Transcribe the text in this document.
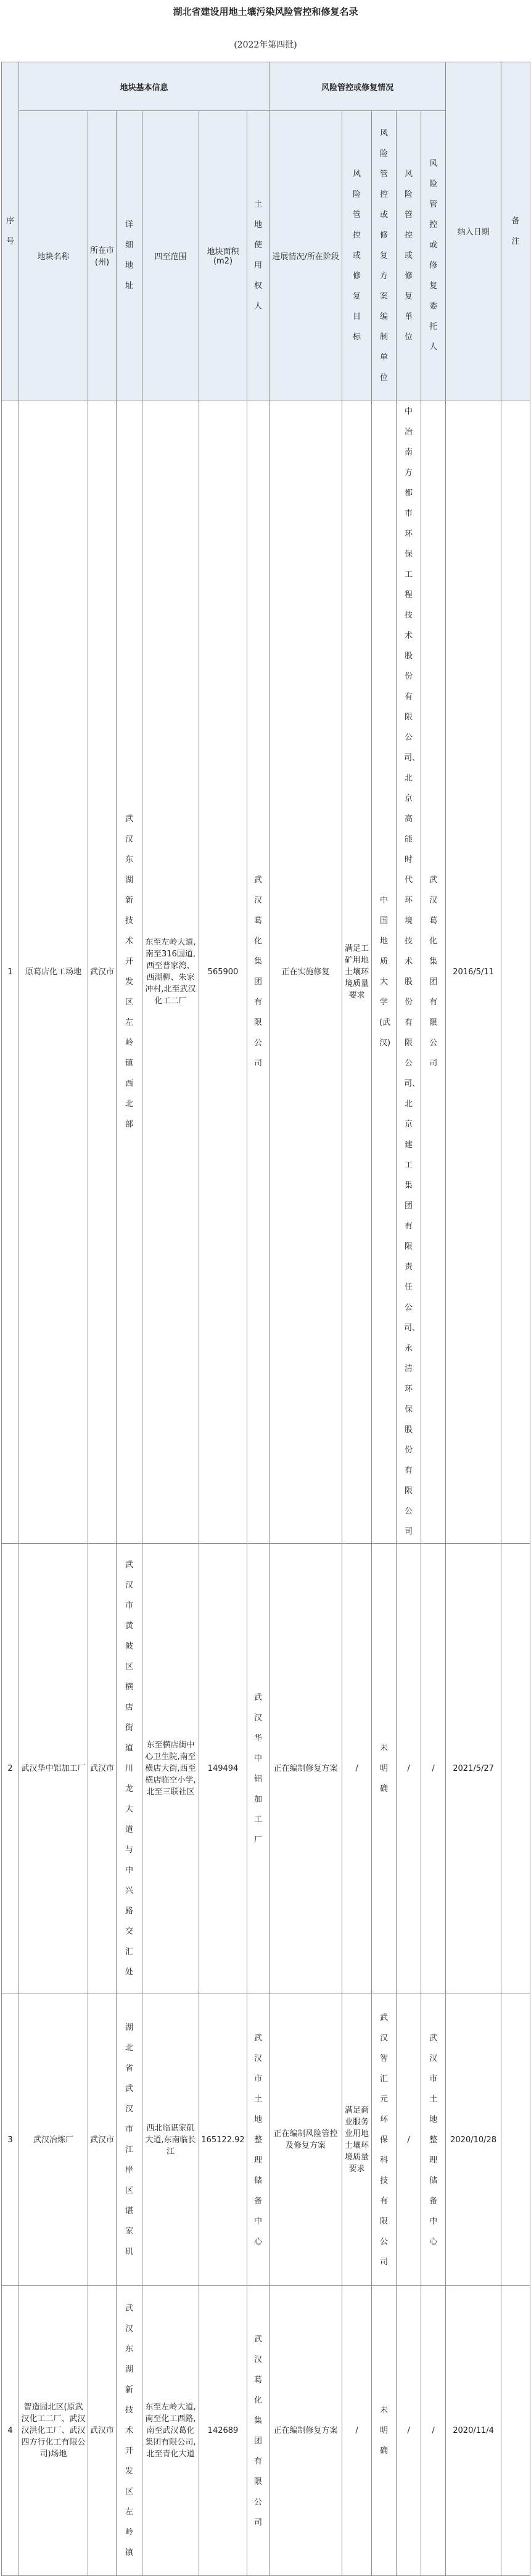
湖北省建设用地土壤污染风险管控和修复名录
(2022年第四批)
序号	地块基本信息						风险管控或修复情况					纳入日期	备注
	地块名称	所在市(州)	详细地址	四至范围	地块面积(m2)	土地使用权人	进展情况/所在阶段	风险管控或修复目标	风险管控或修复方案编制单位	风险管控或修复单位	风险管控或修复委托人		
1	原葛店化工场地	武汉市	武汉东湖新技术开发区左岭镇西北部	东至左岭大道,南至316国道,西至普家湾、西湖柳、朱家冲村,北至武汉化工二厂	565900	武汉葛化集团有限公司	正在实施修复	满足工矿用地土壤环境质量要求	中国地质大学(武汉)	中冶南方都市环保工程技术股份有限公司、北京高能时代环境技术股份有限公司、北京建工集团有限责任公司、永清环保股份有限公司	武汉葛化集团有限公司	2016/5/11	
2	武汉华中铝加工厂	武汉市	武汉市黄陂区横店街道川龙大道与中兴路交汇处	东至横店街中心卫生院,南至横店大街,西至横店临空小学,北至三联社区	149494	武汉华中铝加工厂	正在编制修复方案	/	未明确	/	/	2021/5/27	
3	武汉冶炼厂	武汉市	湖北省武汉市江岸区谌家矶	西北临谌家矶大道,东南临长江	165122.92	武汉市土地整理储备中心	正在编制风险管控及修复方案	满足商业服务业用地土壤环境质量要求	武汉智汇元环保科技有限公司	/	武汉市土地整理储备中心	2020/10/28	
4	智造园北区(原武汉化工二厂、武汉汉洪化工厂、武汉四方行化工有限公司)场地	武汉市	武汉东湖新技术开发区左岭镇	东至左岭大道,南至化工西路,南至武汉葛化集团有限公司,北至青化大道	142689	武汉葛化集团有限公司	正在编制修复方案	/	未明确	/	/	2020/11/4	
